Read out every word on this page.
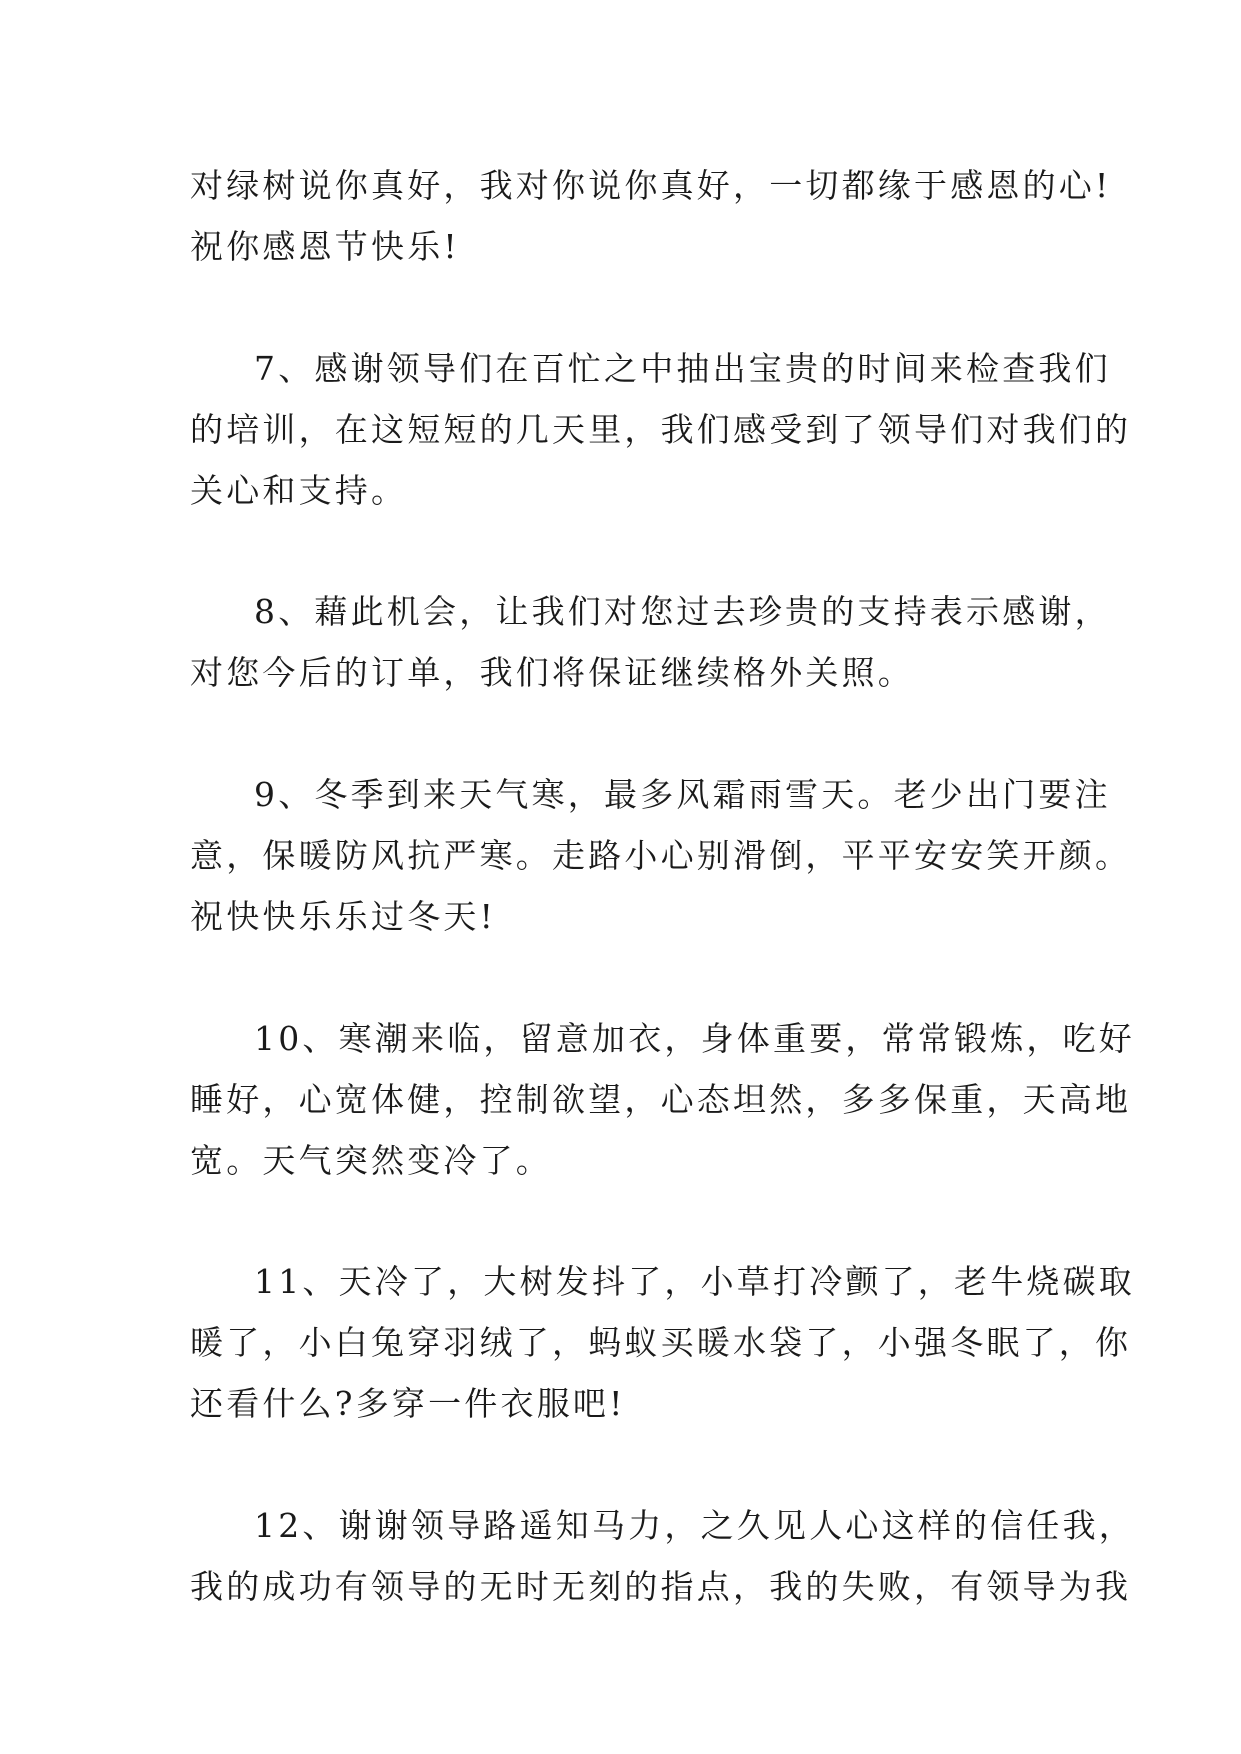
对绿树说你真好，我对你说你真好，一切都缘于感恩的心!
祝你感恩节快乐!
7、感谢领导们在百忙之中抽出宝贵的时间来检查我们
的培训，在这短短的几天里，我们感受到了领导们对我们的
关心和支持。
8、藉此机会，让我们对您过去珍贵的支持表示感谢，
对您今后的订单，我们将保证继续格外关照。
9、冬季到来天气寒，最多风霜雨雪天。老少出门要注
意，保暖防风抗严寒。走路小心别滑倒，平平安安笑开颜。
祝快快乐乐过冬天!
10、寒潮来临，留意加衣，身体重要，常常锻炼，吃好
睡好，心宽体健，控制欲望，心态坦然，多多保重，天高地
宽。天气突然变冷了。
11、天冷了，大树发抖了，小草打冷颤了，老牛烧碳取
暖了，小白兔穿羽绒了，蚂蚁买暖水袋了，小强冬眠了，你
还看什么?多穿一件衣服吧!
12、谢谢领导路遥知马力，之久见人心这样的信任我，
我的成功有领导的无时无刻的指点，我的失败，有领导为我
